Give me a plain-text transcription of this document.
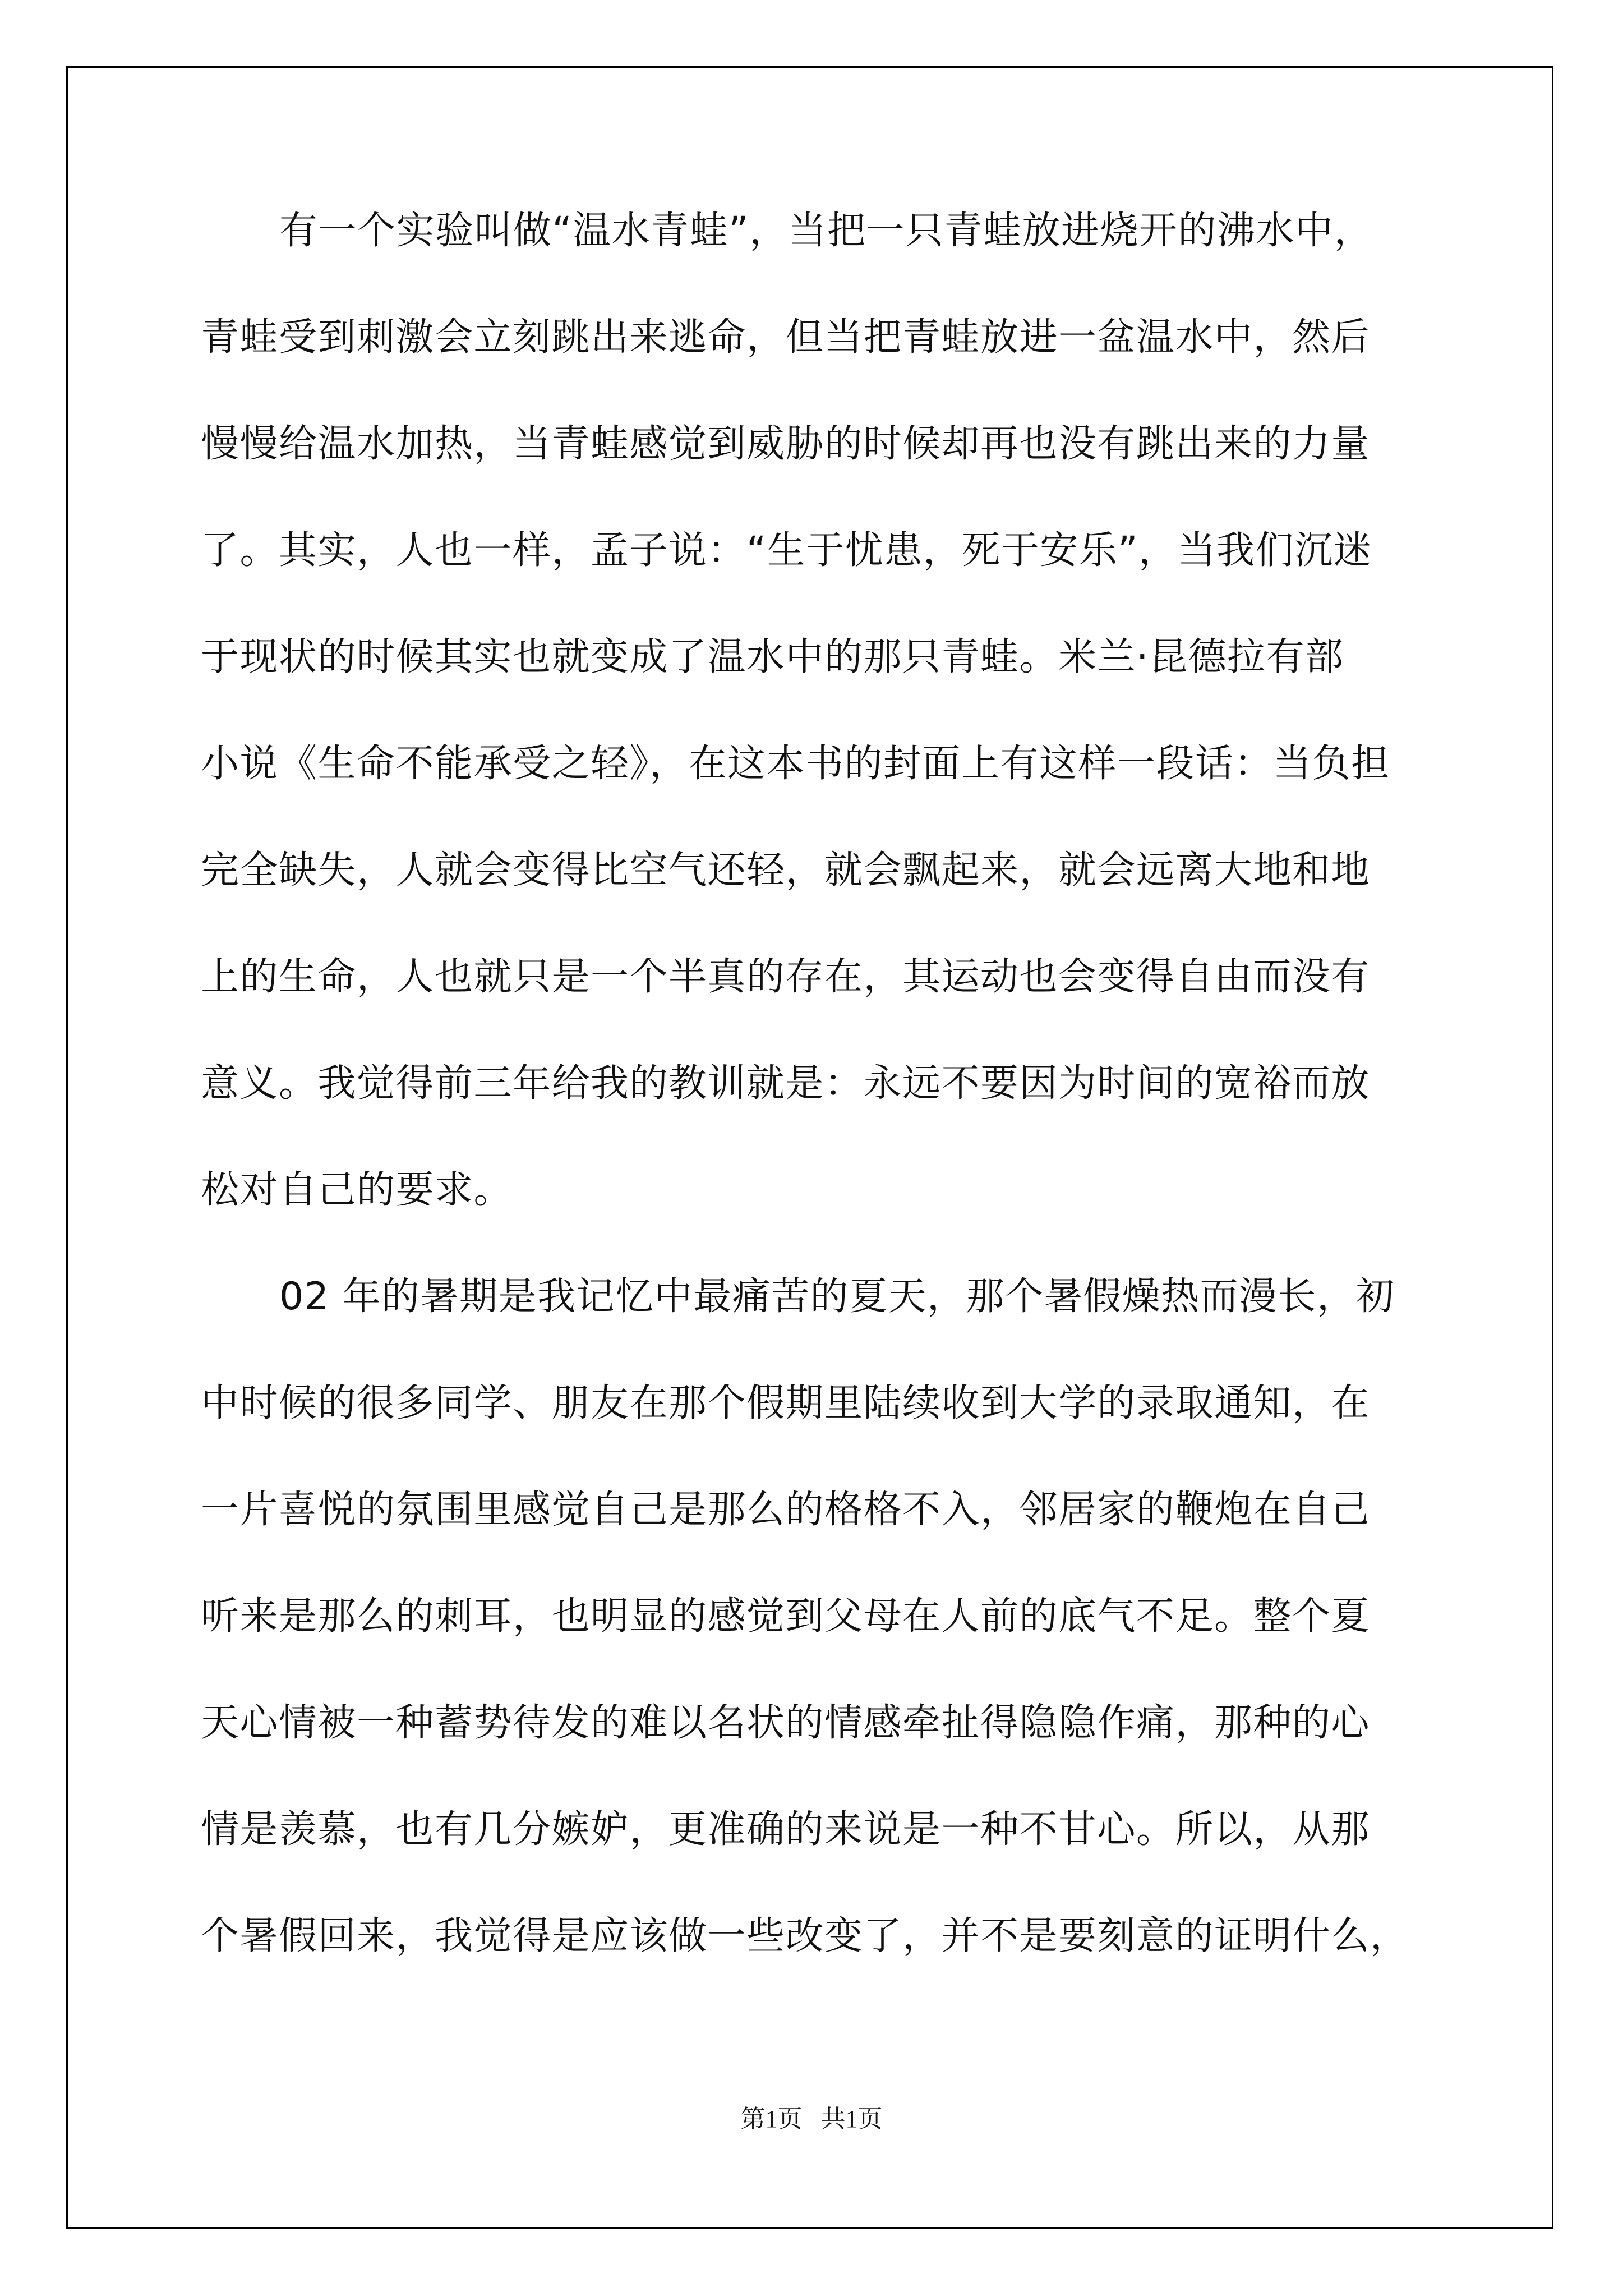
有一个实验叫做“温水青蛙”，当把一只青蛙放进烧开的沸水中，
青蛙受到刺激会立刻跳出来逃命，但当把青蛙放进一盆温水中，然后
慢慢给温水加热，当青蛙感觉到威胁的时候却再也没有跳出来的力量
了。其实，人也一样，孟子说：“生于忧患，死于安乐”，当我们沉迷
于现状的时候其实也就变成了温水中的那只青蛙。米兰·昆德拉有部
小说《生命不能承受之轻》，在这本书的封面上有这样一段话：当负担
完全缺失，人就会变得比空气还轻，就会飘起来，就会远离大地和地
上的生命，人也就只是一个半真的存在，其运动也会变得自由而没有
意义。我觉得前三年给我的教训就是：永远不要因为时间的宽裕而放
松对自己的要求。
02 年的暑期是我记忆中最痛苦的夏天，那个暑假燥热而漫长，初
中时候的很多同学、朋友在那个假期里陆续收到大学的录取通知，在
一片喜悦的氛围里感觉自己是那么的格格不入，邻居家的鞭炮在自己
听来是那么的刺耳，也明显的感觉到父母在人前的底气不足。整个夏
天心情被一种蓄势待发的难以名状的情感牵扯得隐隐作痛，那种的心
情是羡慕，也有几分嫉妒，更准确的来说是一种不甘心。所以，从那
个暑假回来，我觉得是应该做一些改变了，并不是要刻意的证明什么，
第1页   共1页
